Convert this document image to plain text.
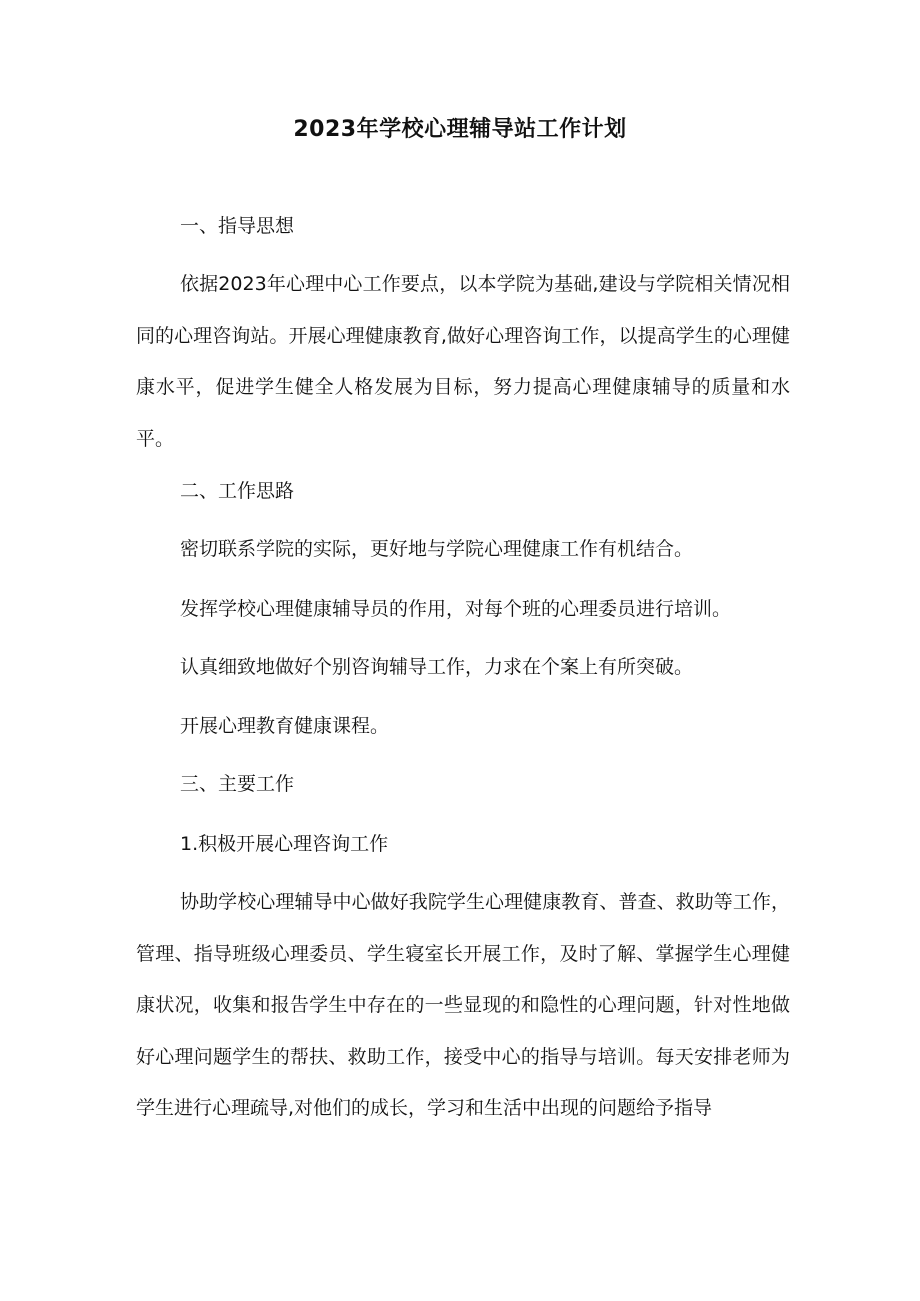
2023年学校心理辅导站工作计划
一、指导思想
依据2023年心理中心工作要点，以本学院为基础,建设与学院相关情况相同的心理咨询站。开展心理健康教育,做好心理咨询工作，以提高学生的心理健康水平，促进学生健全人格发展为目标，努力提高心理健康辅导的质量和水平。
二、工作思路
密切联系学院的实际，更好地与学院心理健康工作有机结合。
发挥学校心理健康辅导员的作用，对每个班的心理委员进行培训。
认真细致地做好个别咨询辅导工作，力求在个案上有所突破。
开展心理教育健康课程。
三、主要工作
1.积极开展心理咨询工作
协助学校心理辅导中心做好我院学生心理健康教育、普查、救助等工作，管理、指导班级心理委员、学生寝室长开展工作，及时了解、掌握学生心理健康状况，收集和报告学生中存在的一些显现的和隐性的心理问题，针对性地做好心理问题学生的帮扶、救助工作，接受中心的指导与培训。每天安排老师为学生进行心理疏导,对他们的成长，学习和生活中出现的问题给予指导
